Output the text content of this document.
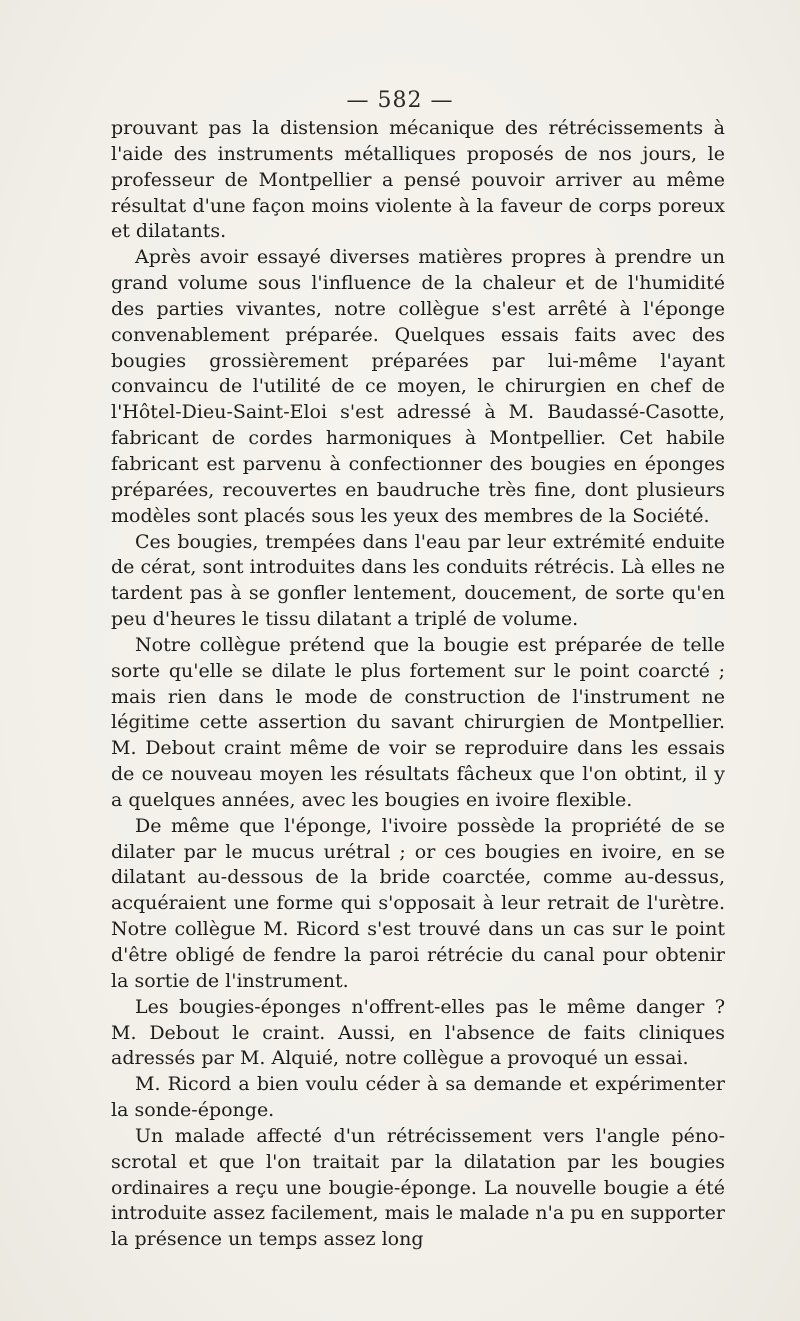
— 582 —

prouvant pas la distension mécanique des rétrécissements à l'aide des instruments métalliques proposés de nos jours, le professeur de Montpellier a pensé pouvoir arriver au même résultat d'une façon moins violente à la faveur de corps poreux et dilatants.

Après avoir essayé diverses matières propres à prendre un grand volume sous l'influence de la chaleur et de l'humidité des parties vivantes, notre collègue s'est arrêté à l'éponge convenablement préparée. Quelques essais faits avec des bougies grossièrement préparées par lui-même l'ayant convaincu de l'utilité de ce moyen, le chirurgien en chef de l'Hôtel-Dieu-Saint-Eloi s'est adressé à M. Baudassé-Casotte, fabricant de cordes harmoniques à Montpellier. Cet habile fabricant est parvenu à confectionner des bougies en éponges préparées, recouvertes en baudruche très fine, dont plusieurs modèles sont placés sous les yeux des membres de la Société.

Ces bougies, trempées dans l'eau par leur extrémité enduite de cérat, sont introduites dans les conduits rétrécis. Là elles ne tardent pas à se gonfler lentement, doucement, de sorte qu'en peu d'heures le tissu dilatant a triplé de volume.

Notre collègue prétend que la bougie est préparée de telle sorte qu'elle se dilate le plus fortement sur le point coarcté ; mais rien dans le mode de construction de l'instrument ne légitime cette assertion du savant chirurgien de Montpellier. M. Debout craint même de voir se reproduire dans les essais de ce nouveau moyen les résultats fâcheux que l'on obtint, il y a quelques années, avec les bougies en ivoire flexible.

De même que l'éponge, l'ivoire possède la propriété de se dilater par le mucus urétral ; or ces bougies en ivoire, en se dilatant au-dessous de la bride coarctée, comme au-dessus, acquéraient une forme qui s'opposait à leur retrait de l'urètre. Notre collègue M. Ricord s'est trouvé dans un cas sur le point d'être obligé de fendre la paroi rétrécie du canal pour obtenir la sortie de l'instrument.

Les bougies-éponges n'offrent-elles pas le même danger ? M. Debout le craint. Aussi, en l'absence de faits cliniques adressés par M. Alquié, notre collègue a provoqué un essai.

M. Ricord a bien voulu céder à sa demande et expérimenter la sonde-éponge.

Un malade affecté d'un rétrécissement vers l'angle péno-scrotal et que l'on traitait par la dilatation par les bougies ordinaires a reçu une bougie-éponge. La nouvelle bougie a été introduite assez facilement, mais le malade n'a pu en supporter la présence un temps assez long
